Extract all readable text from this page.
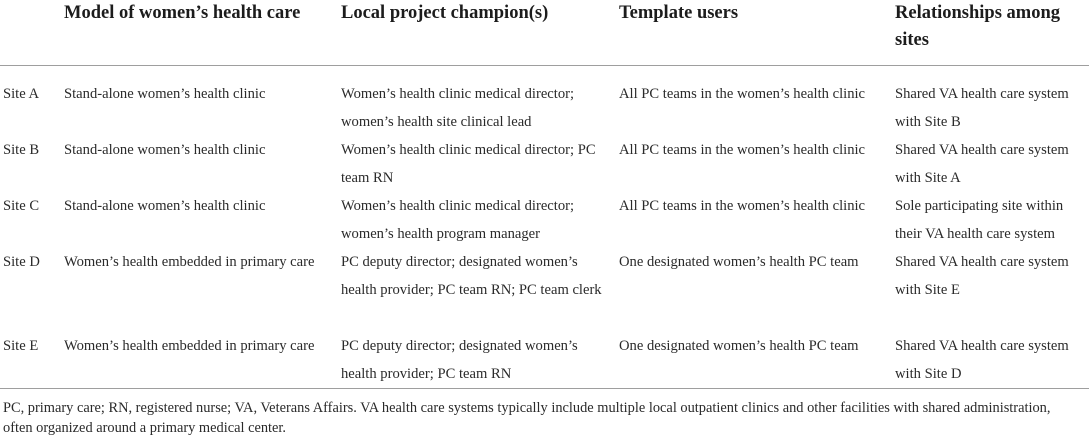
	Model of women’s health care	Local project champion(s)	Template users	Relationships among sites
Site A	Stand-alone women’s health clinic	Women’s health clinic medical director; women’s health site clinical lead	All PC teams in the women’s health clinic	Shared VA health care system with Site B
Site B	Stand-alone women’s health clinic	Women’s health clinic medical director; PC team RN	All PC teams in the women’s health clinic	Shared VA health care system with Site A
Site C	Stand-alone women’s health clinic	Women’s health clinic medical director; women’s health program manager	All PC teams in the women’s health clinic	Sole participating site within their VA health care system
Site D	Women’s health embedded in primary care	PC deputy director; designated women’s health provider; PC team RN; PC team clerk	One designated women’s health PC team	Shared VA health care system with Site E
Site E	Women’s health embedded in primary care	PC deputy director; designated women’s health provider; PC team RN	One designated women’s health PC team	Shared VA health care system with Site D
PC, primary care; RN, registered nurse; VA, Veterans Affairs. VA health care systems typically include multiple local outpatient clinics and other facilities with shared administration, often organized around a primary medical center.
